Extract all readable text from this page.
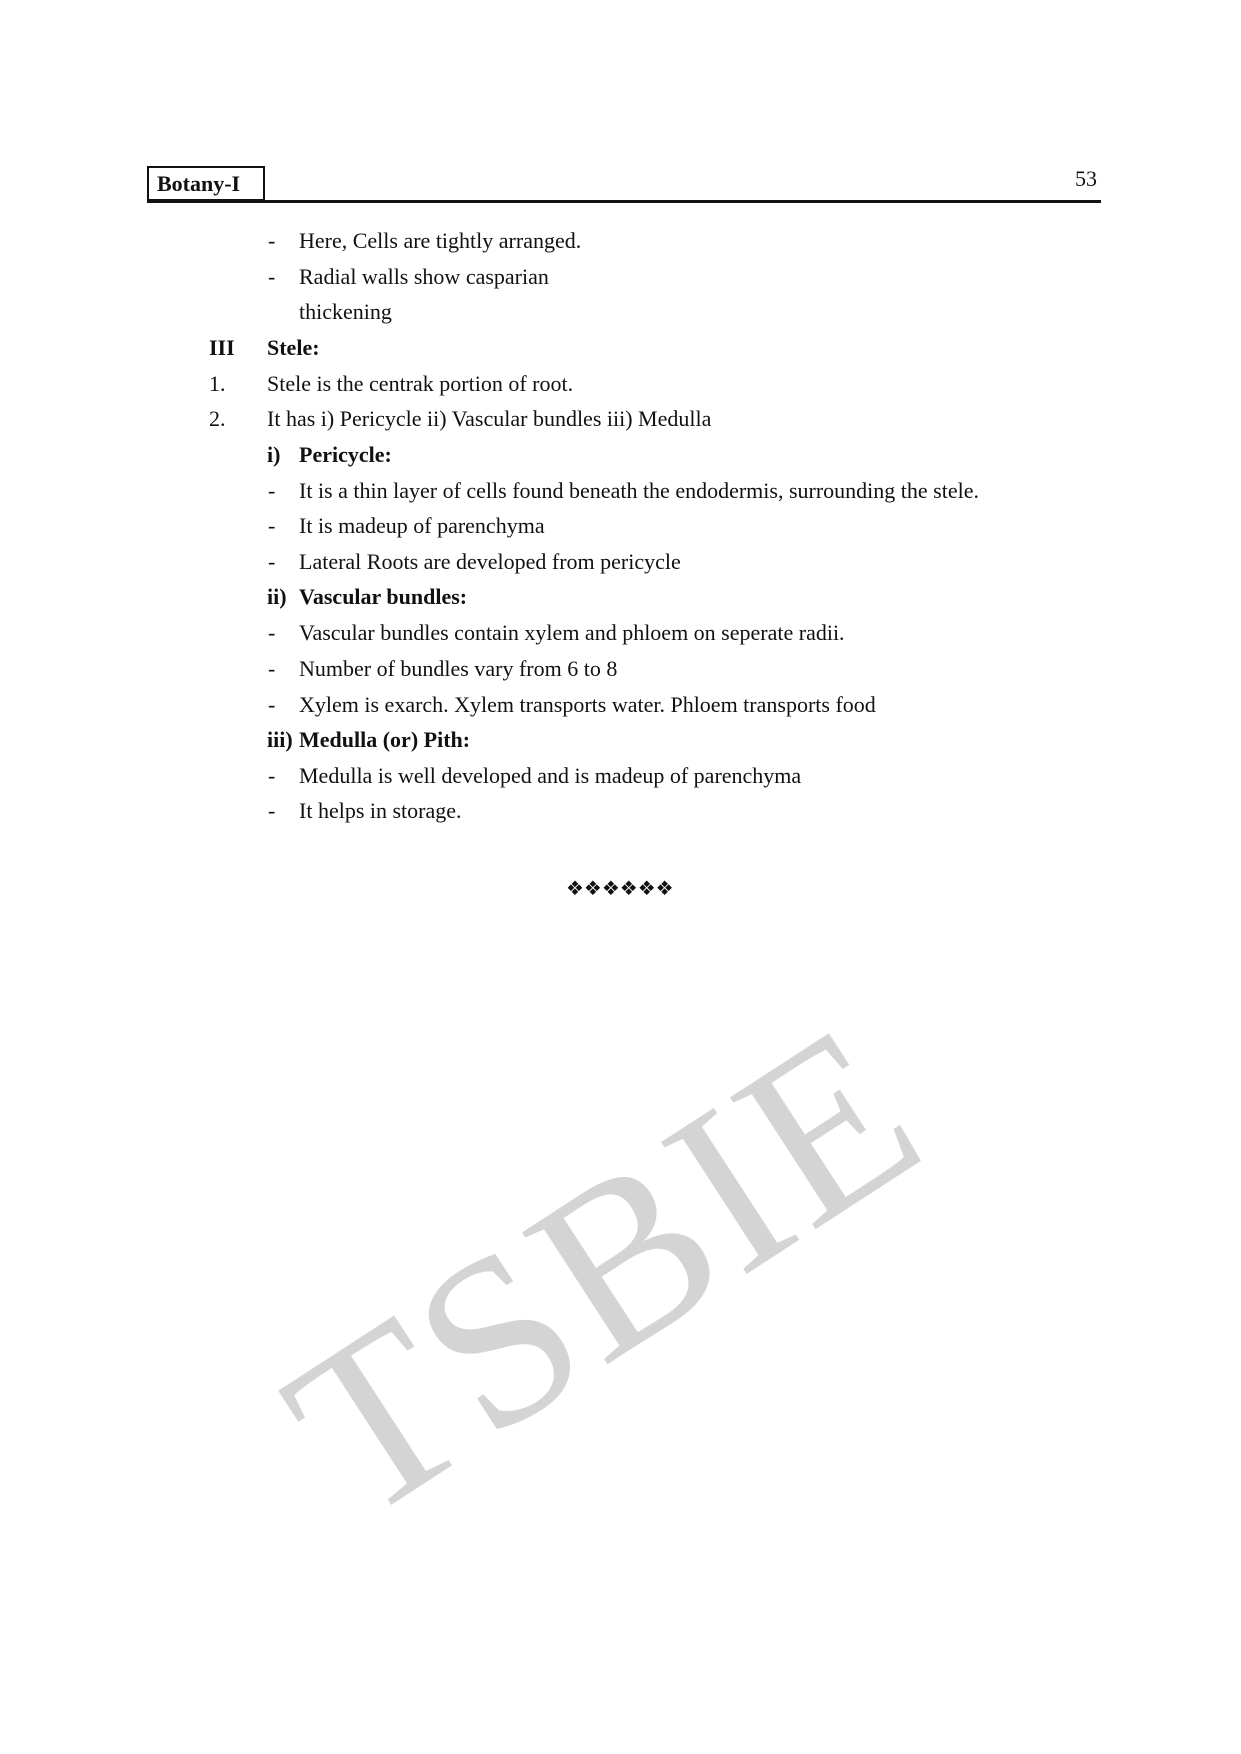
TSBIE
Botany-I	53
- Here, Cells are tightly arranged.
- Radial walls show casparian
thickening
III Stele:
1. Stele is the centrak portion of root.
2. It has i) Pericycle ii) Vascular bundles iii) Medulla
i) Pericycle:
- It is a thin layer of cells found beneath the endodermis, surrounding the stele.
- It is madeup of parenchyma
- Lateral Roots are developed from pericycle
ii) Vascular bundles:
- Vascular bundles contain xylem and phloem on seperate radii.
- Number of bundles vary from 6 to 8
- Xylem is exarch. Xylem transports water. Phloem transports food
iii) Medulla (or) Pith:
- Medulla is well developed and is madeup of parenchyma
- It helps in storage.
❖❖❖❖❖❖
